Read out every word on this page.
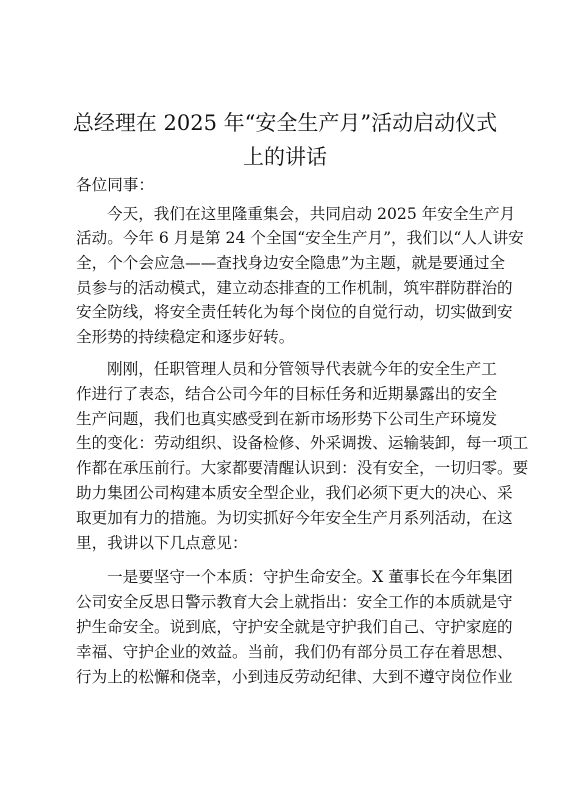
总经理在 2025 年“安全生产月”活动启动仪式
上的讲话

各位同事：

今天，我们在这里隆重集会，共同启动 2025 年安全生产月

活动。今年 6 月是第 24 个全国“安全生产月”，我们以“人人讲安

全，个个会应急——查找身边安全隐患”为主题，就是要通过全

员参与的活动模式，建立动态排查的工作机制，筑牢群防群治的

安全防线，将安全责任转化为每个岗位的自觉行动，切实做到安

全形势的持续稳定和逐步好转。

刚刚，任职管理人员和分管领导代表就今年的安全生产工

作进行了表态，结合公司今年的目标任务和近期暴露出的安全

生产问题，我们也真实感受到在新市场形势下公司生产环境发

生的变化：劳动组织、设备检修、外采调拨、运输装卸，每一项工

作都在承压前行。大家都要清醒认识到：没有安全，一切归零。要

助力集团公司构建本质安全型企业，我们必须下更大的决心、采

取更加有力的措施。为切实抓好今年安全生产月系列活动，在这

里，我讲以下几点意见：

一是要坚守一个本质：守护生命安全。X 董事长在今年集团

公司安全反思日警示教育大会上就指出：安全工作的本质就是守

护生命安全。说到底，守护安全就是守护我们自己、守护家庭的

幸福、守护企业的效益。当前，我们仍有部分员工存在着思想、

行为上的松懈和侥幸，小到违反劳动纪律、大到不遵守岗位作业
